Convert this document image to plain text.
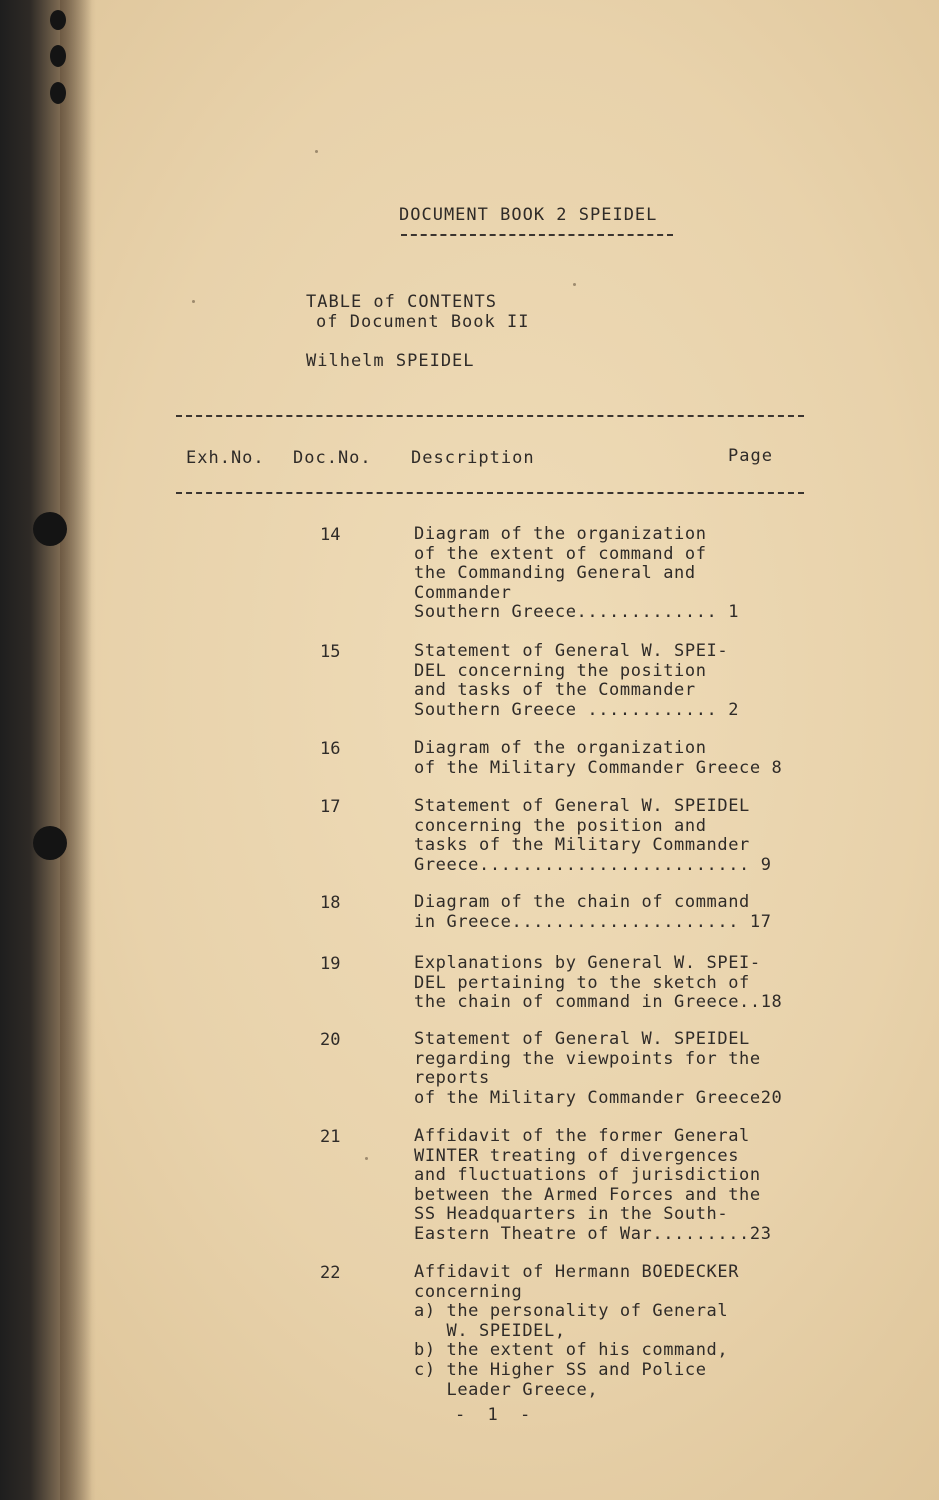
DOCUMENT BOOK 2 SPEIDEL
TABLE of CONTENTS
of Document Book II
Wilhelm SPEIDEL
Exh.No. Doc.No. Description	Page
14	Diagram of the organization
of the extent of command of
the Commanding General and
Commander
Southern Greece............. 1
15	Statement of General W. SPEI-
DEL concerning the position
and tasks of the Commander
Southern Greece ............ 2
16	Diagram of the organization
of the Military Commander Greece 8
17	Statement of General W. SPEIDEL
concerning the position and
tasks of the Military Commander
Greece......................... 9
18	Diagram of the chain of command
in Greece..................... 17
19	Explanations by General W. SPEI-
DEL pertaining to the sketch of
the chain of command in Greece..18
20	Statement of General W. SPEIDEL
regarding the viewpoints for the
reports
of the Military Commander Greece20
21	Affidavit of the former General
WINTER treating of divergences
and fluctuations of jurisdiction
between the Armed Forces and the
SS Headquarters in the South-
Eastern Theatre of War.........23
22	Affidavit of Hermann BOEDECKER
concerning
a) the personality of General
W. SPEIDEL,
b) the extent of his command,
c) the Higher SS and Police
Leader Greece,
- 1 -
